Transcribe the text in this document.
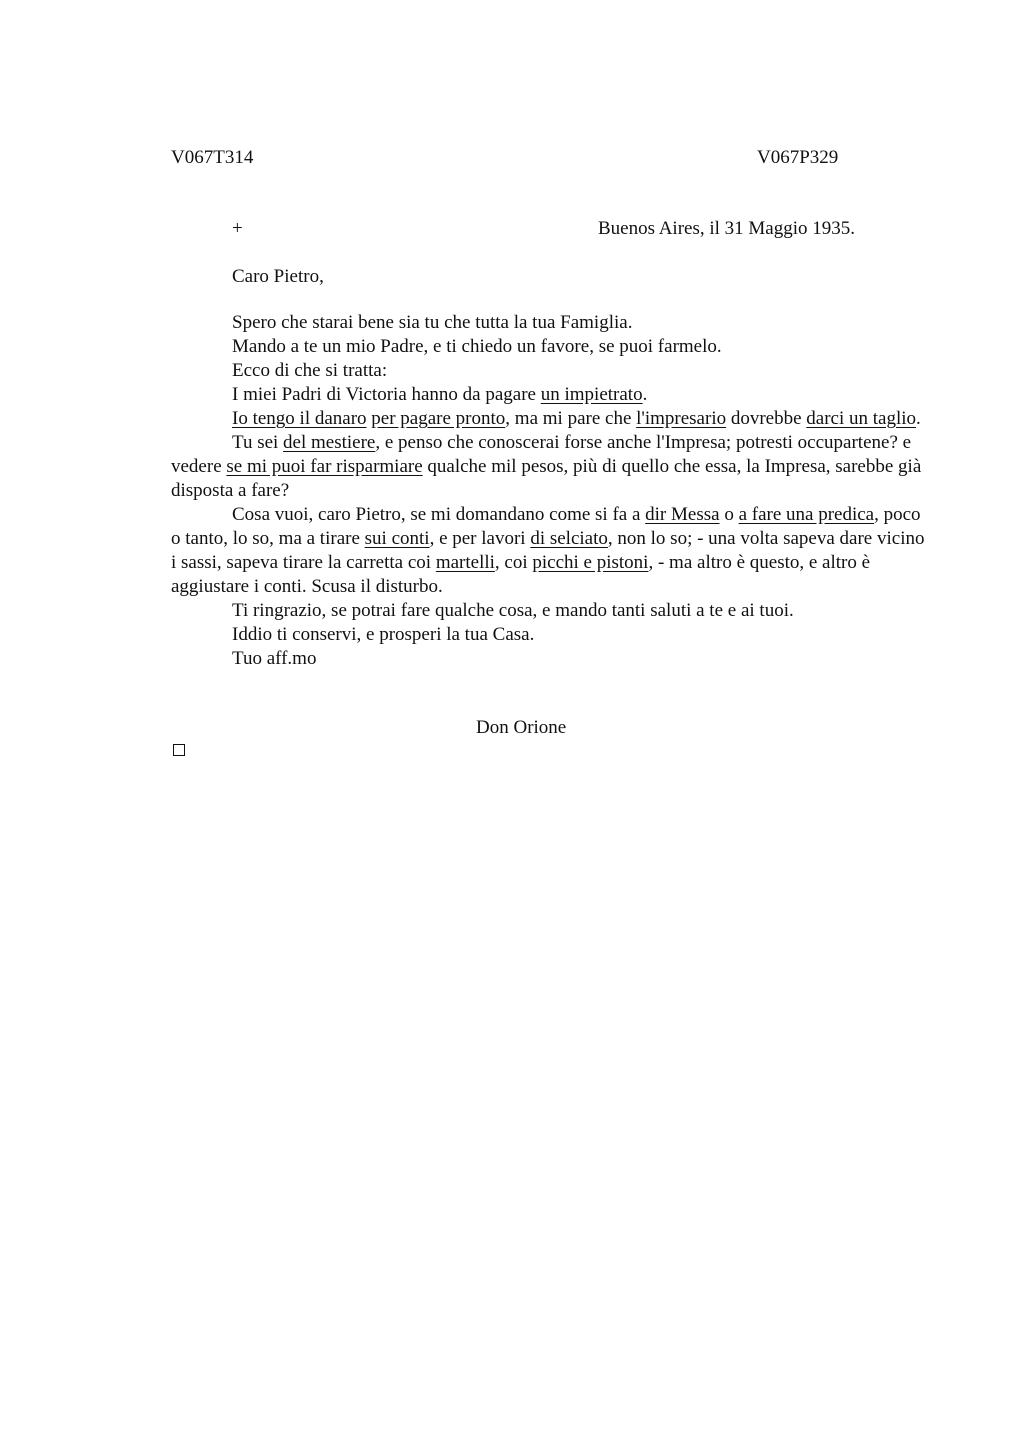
V067T314	V067P329
+	Buenos Aires, il 31 Maggio 1935.
Caro Pietro,

Spero che starai bene sia tu che tutta la tua Famiglia.

Mando a te un mio Padre, e ti chiedo un favore, se puoi farmelo.

Ecco di che si tratta:

I miei Padri di Victoria hanno da pagare un impietrato.

Io tengo il danaro per pagare pronto, ma mi pare che l'impresario dovrebbe darci un taglio.

Tu sei del mestiere, e penso che conoscerai forse anche l'Impresa; potresti occupartene? e vedere se mi puoi far risparmiare qualche mil pesos, più di quello che essa, la Impresa, sarebbe già disposta a fare?

Cosa vuoi, caro Pietro, se mi domandano come si fa a dir Messa o a fare una predica, poco o tanto, lo so, ma a tirare sui conti, e per lavori di selciato, non lo so; - una volta sapeva dare vicino i sassi, sapeva tirare la carretta coi martelli, coi picchi e pistoni, - ma altro è questo, e altro è aggiustare i conti. Scusa il disturbo.

Ti ringrazio, se potrai fare qualche cosa, e mando tanti saluti a te e ai tuoi.

Iddio ti conservi, e prosperi la tua Casa.

Tuo aff.mo

Don Orione
